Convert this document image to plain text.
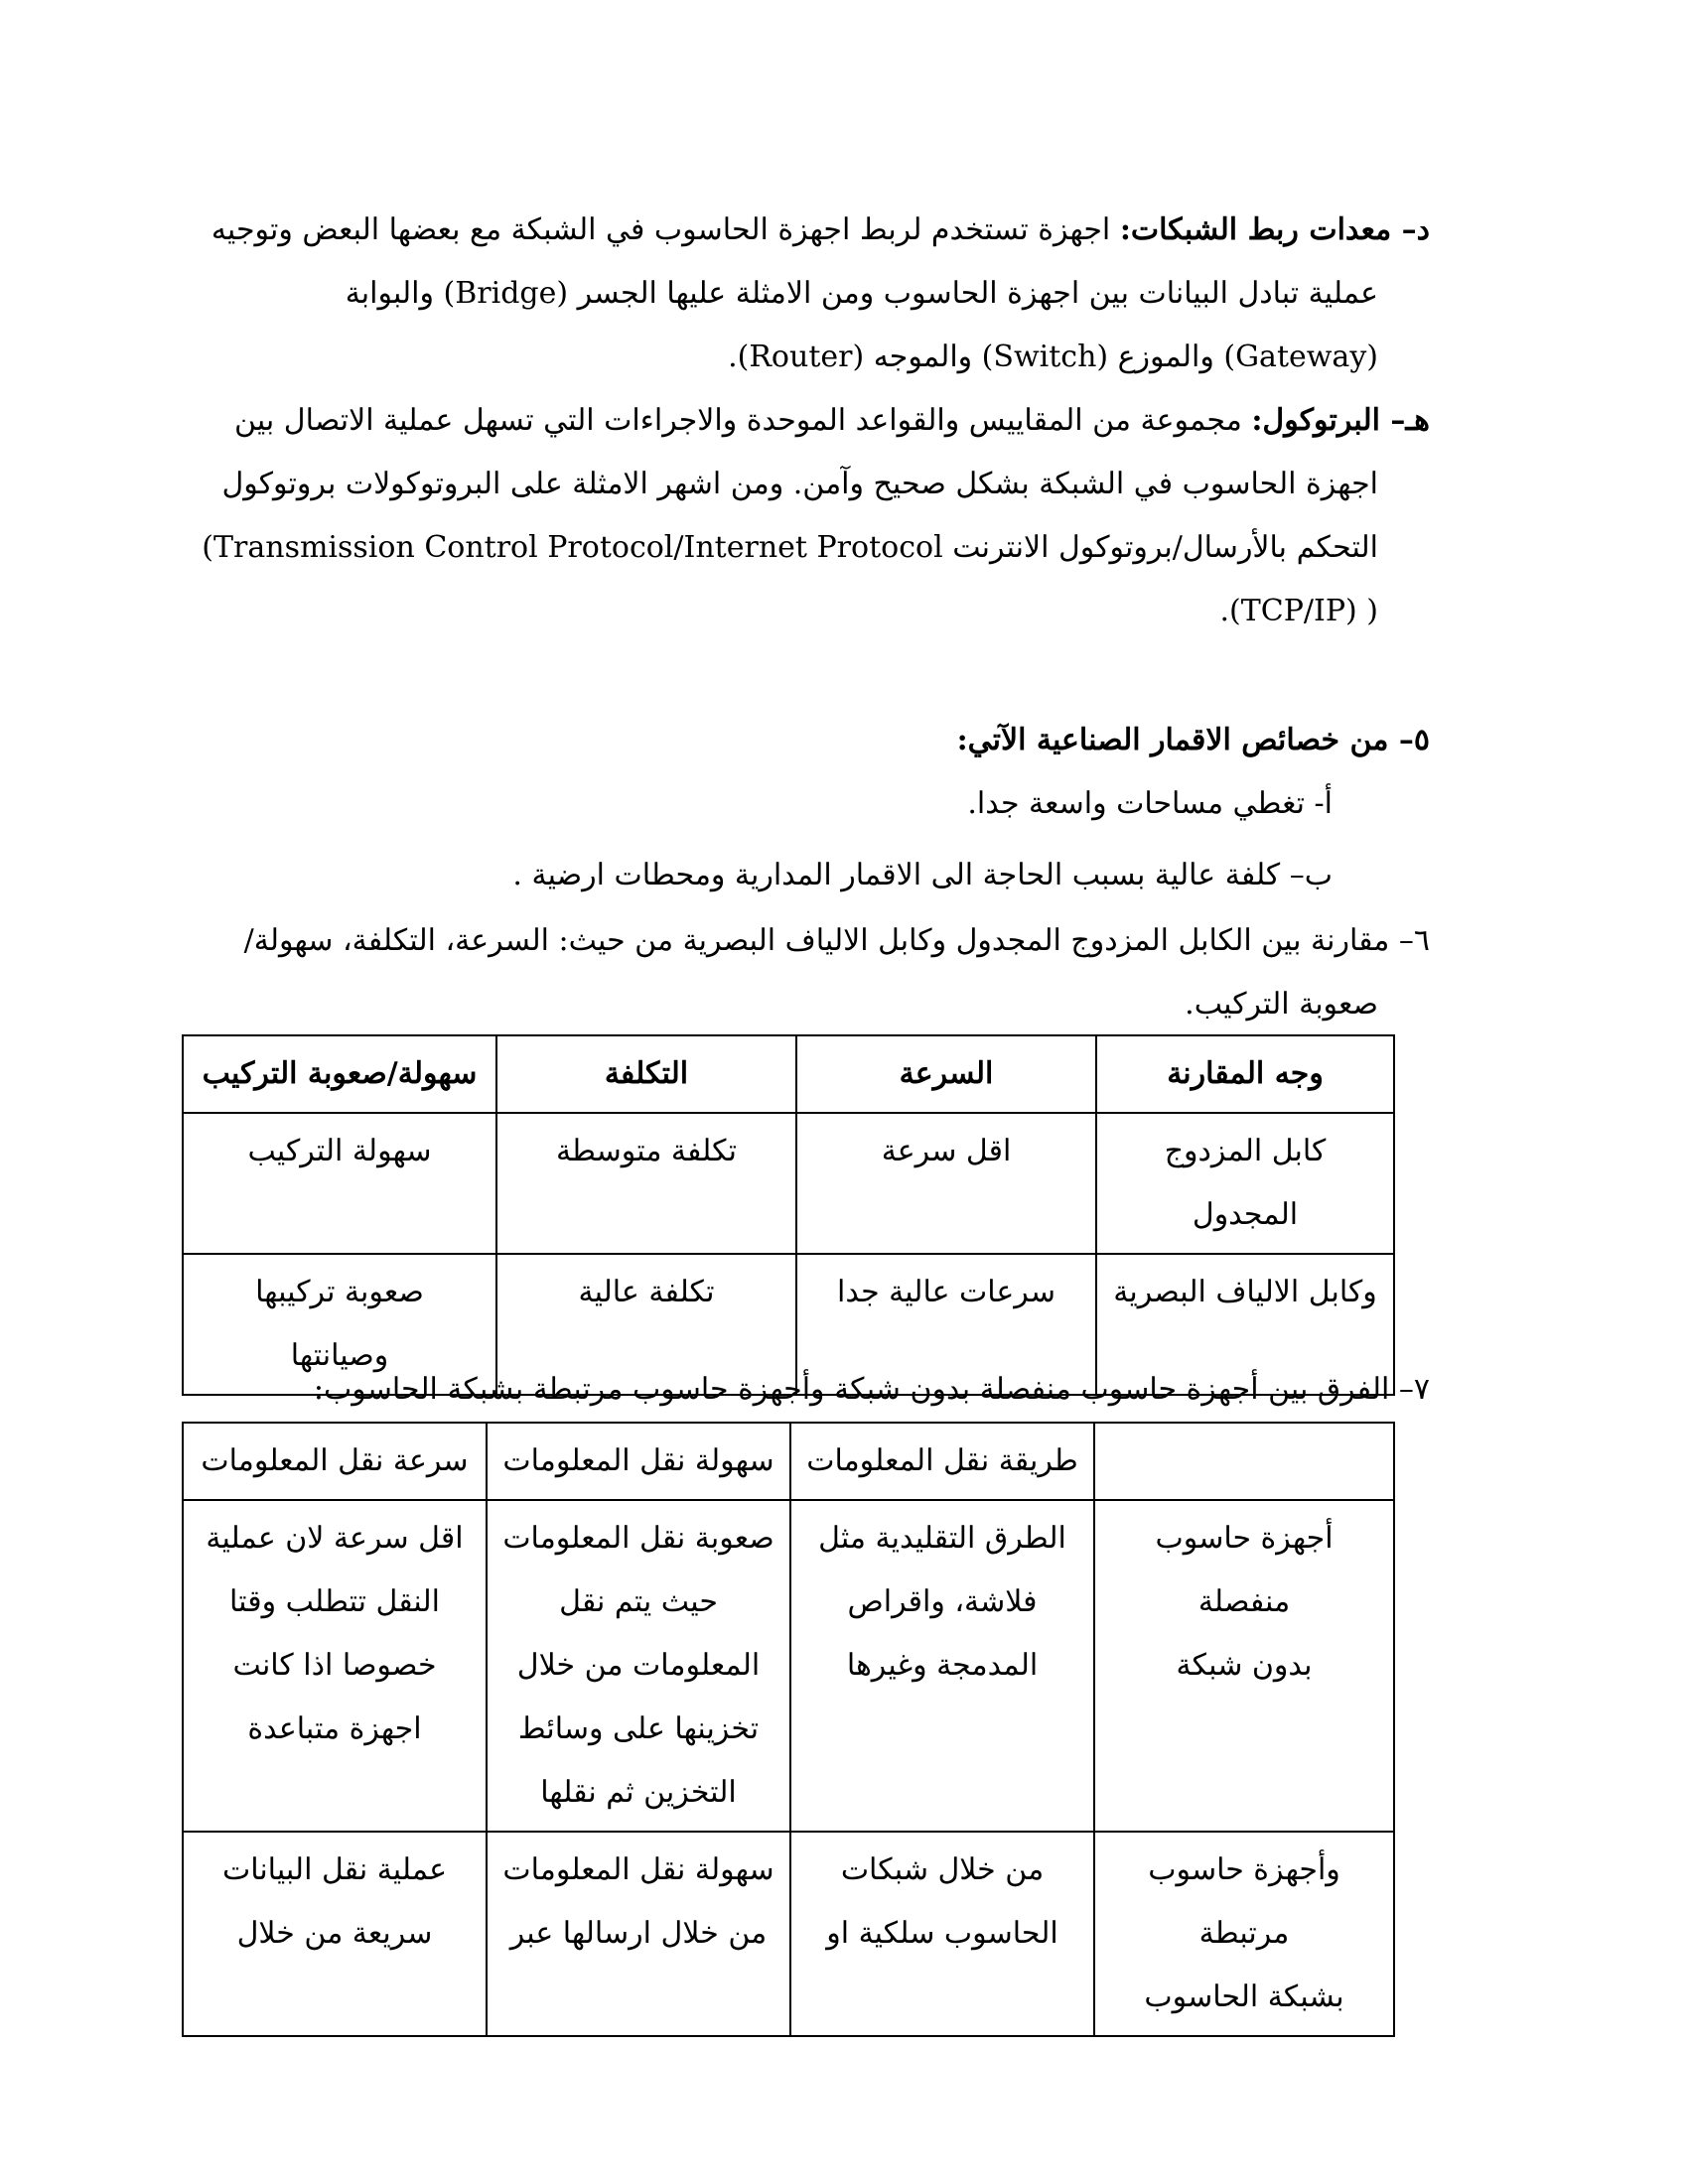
د– معدات ربط الشبكات: اجهزة تستخدم لربط اجهزة الحاسوب في الشبكة مع بعضها البعض وتوجيه
عملية تبادل البيانات بين اجهزة الحاسوب ومن الامثلة عليها الجسر (Bridge) والبوابة
(Gateway) والموزع (Switch) والموجه (Router).
هـ– البرتوكول: مجموعة من المقاييس والقواعد الموحدة والاجراءات التي تسهل عملية الاتصال بين
اجهزة الحاسوب في الشبكة بشكل صحيح وآمن. ومن اشهر الامثلة على البروتوكولات بروتوكول
التحكم بالأرسال/بروتوكول الانترنت Transmission Control Protocol/Internet Protocol)
( (TCP/IP).
٥– من خصائص الاقمار الصناعية الآتي:
أ- تغطي مساحات واسعة جدا.
ب– كلفة عالية بسبب الحاجة الى الاقمار المدارية ومحطات ارضية .
٦– مقارنة بين الكابل المزدوج المجدول وكابل الالياف البصرية من حيث: السرعة، التكلفة، سهولة/
صعوبة التركيب.
وجه المقارنة	السرعة	التكلفة	سهولة/صعوبة التركيب
كابل المزدوج المجدول	اقل سرعة	تكلفة متوسطة	سهولة التركيب
وكابل الالياف البصرية	سرعات عالية جدا	تكلفة عالية	صعوبة تركيبها
وصيانتها
٧– الفرق بين أجهزة حاسوب منفصلة بدون شبكة وأجهزة حاسوب مرتبطة بشبكة الحاسوب:
	طريقة نقل المعلومات	سهولة نقل المعلومات	سرعة نقل المعلومات

أجهزة حاسوب منفصلة
بدون شبكة	الطرق التقليدية مثل
فلاشة، واقراص
المدمجة وغيرها	صعوبة نقل المعلومات
حيث يتم نقل
المعلومات من خلال
تخزينها على وسائط
التخزين ثم نقلها	اقل سرعة لان عملية
النقل تتطلب وقتا
خصوصا اذا كانت
اجهزة متباعدة

وأجهزة حاسوب مرتبطة
بشبكة الحاسوب	من خلال شبكات
الحاسوب سلكية او	سهولة نقل المعلومات
من خلال ارسالها عبر	عملية نقل البيانات
سريعة من خلال
